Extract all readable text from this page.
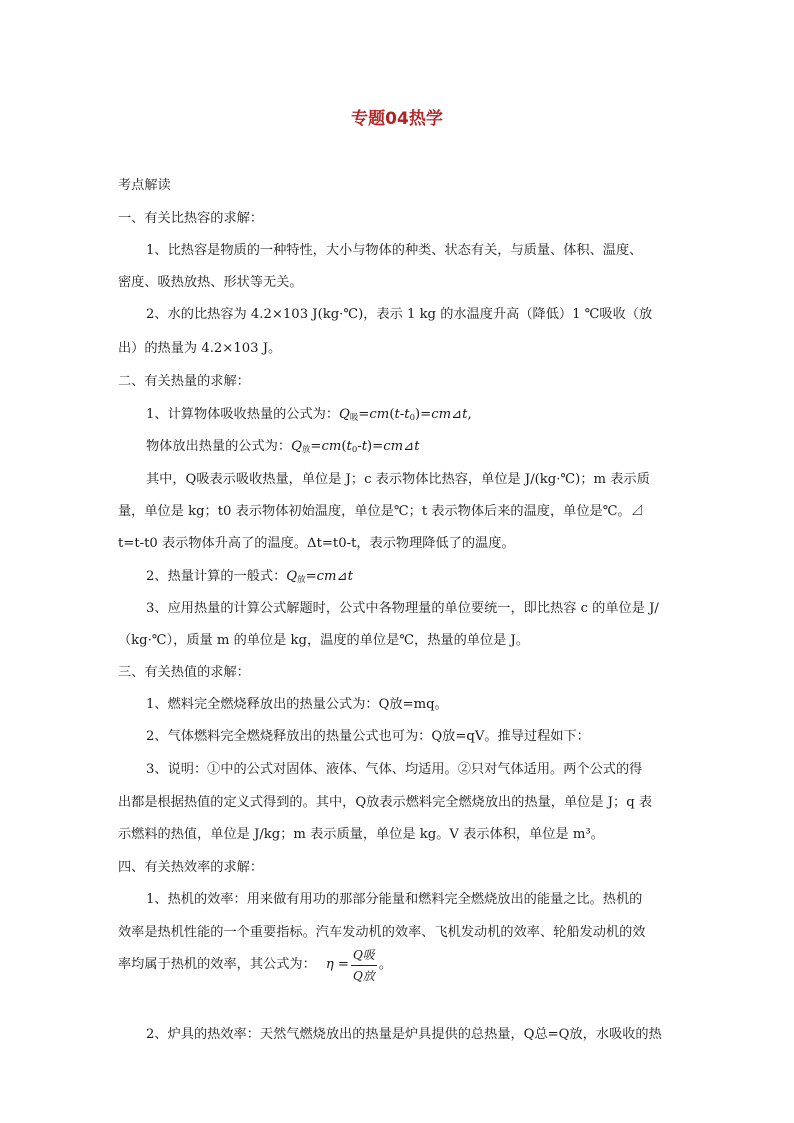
专题04热学
考点解读
一、有关比热容的求解：
1、比热容是物质的一种特性，大小与物体的种类、状态有关，与质量、体积、温度、
密度、吸热放热、形状等无关。
2、水的比热容为 4.2×103 J(kg·℃)，表示 1 kg 的水温度升高（降低）1 ℃吸收（放
出）的热量为 4.2×103 J。
二、有关热量的求解：
1、计算物体吸收热量的公式为：$Q_吸=cm(t-t_0)=cm⊿t$,
物体放出热量的公式为：$Q_放=cm(t_0-t)=cm⊿t$
其中，Q吸表示吸收热量，单位是 J；c 表示物体比热容，单位是 J/(kg·℃)；m 表示质
量，单位是 kg；t0 表示物体初始温度，单位是℃；t 表示物体后来的温度，单位是℃。⊿
t=t-t0 表示物体升高了的温度。Δt=t0-t，表示物理降低了的温度。
2、热量计算的一般式：$Q_放=cm⊿t$
3、应用热量的计算公式解题时，公式中各物理量的单位要统一，即比热容 c 的单位是 J/
（kg·℃），质量 m 的单位是 kg，温度的单位是℃，热量的单位是 J。
三、有关热值的求解：
1、燃料完全燃烧释放出的热量公式为：Q放=mq。
2、气体燃料完全燃烧释放出的热量公式也可为：Q放=qV。推导过程如下：
3、说明：①中的公式对固体、液体、气体、均适用。②只对气体适用。两个公式的得
出都是根据热值的定义式得到的。其中，Q放表示燃料完全燃烧放出的热量，单位是 J；q 表
示燃料的热值，单位是 J/kg；m 表示质量，单位是 kg。V 表示体积，单位是 m³。
四、有关热效率的求解：
1、热机的效率：用来做有用功的那部分能量和燃料完全燃烧放出的能量之比。热机的
效率是热机性能的一个重要指标。汽车发动机的效率、飞机发动机的效率、轮船发动机的效
率均属于热机的效率，其公式为： $\eta = \frac{\text{Q吸}}{\text{Q放}}$ 。
2、炉具的热效率：天然气燃烧放出的热量是炉具提供的总热量，Q总=Q放，水吸收的热
